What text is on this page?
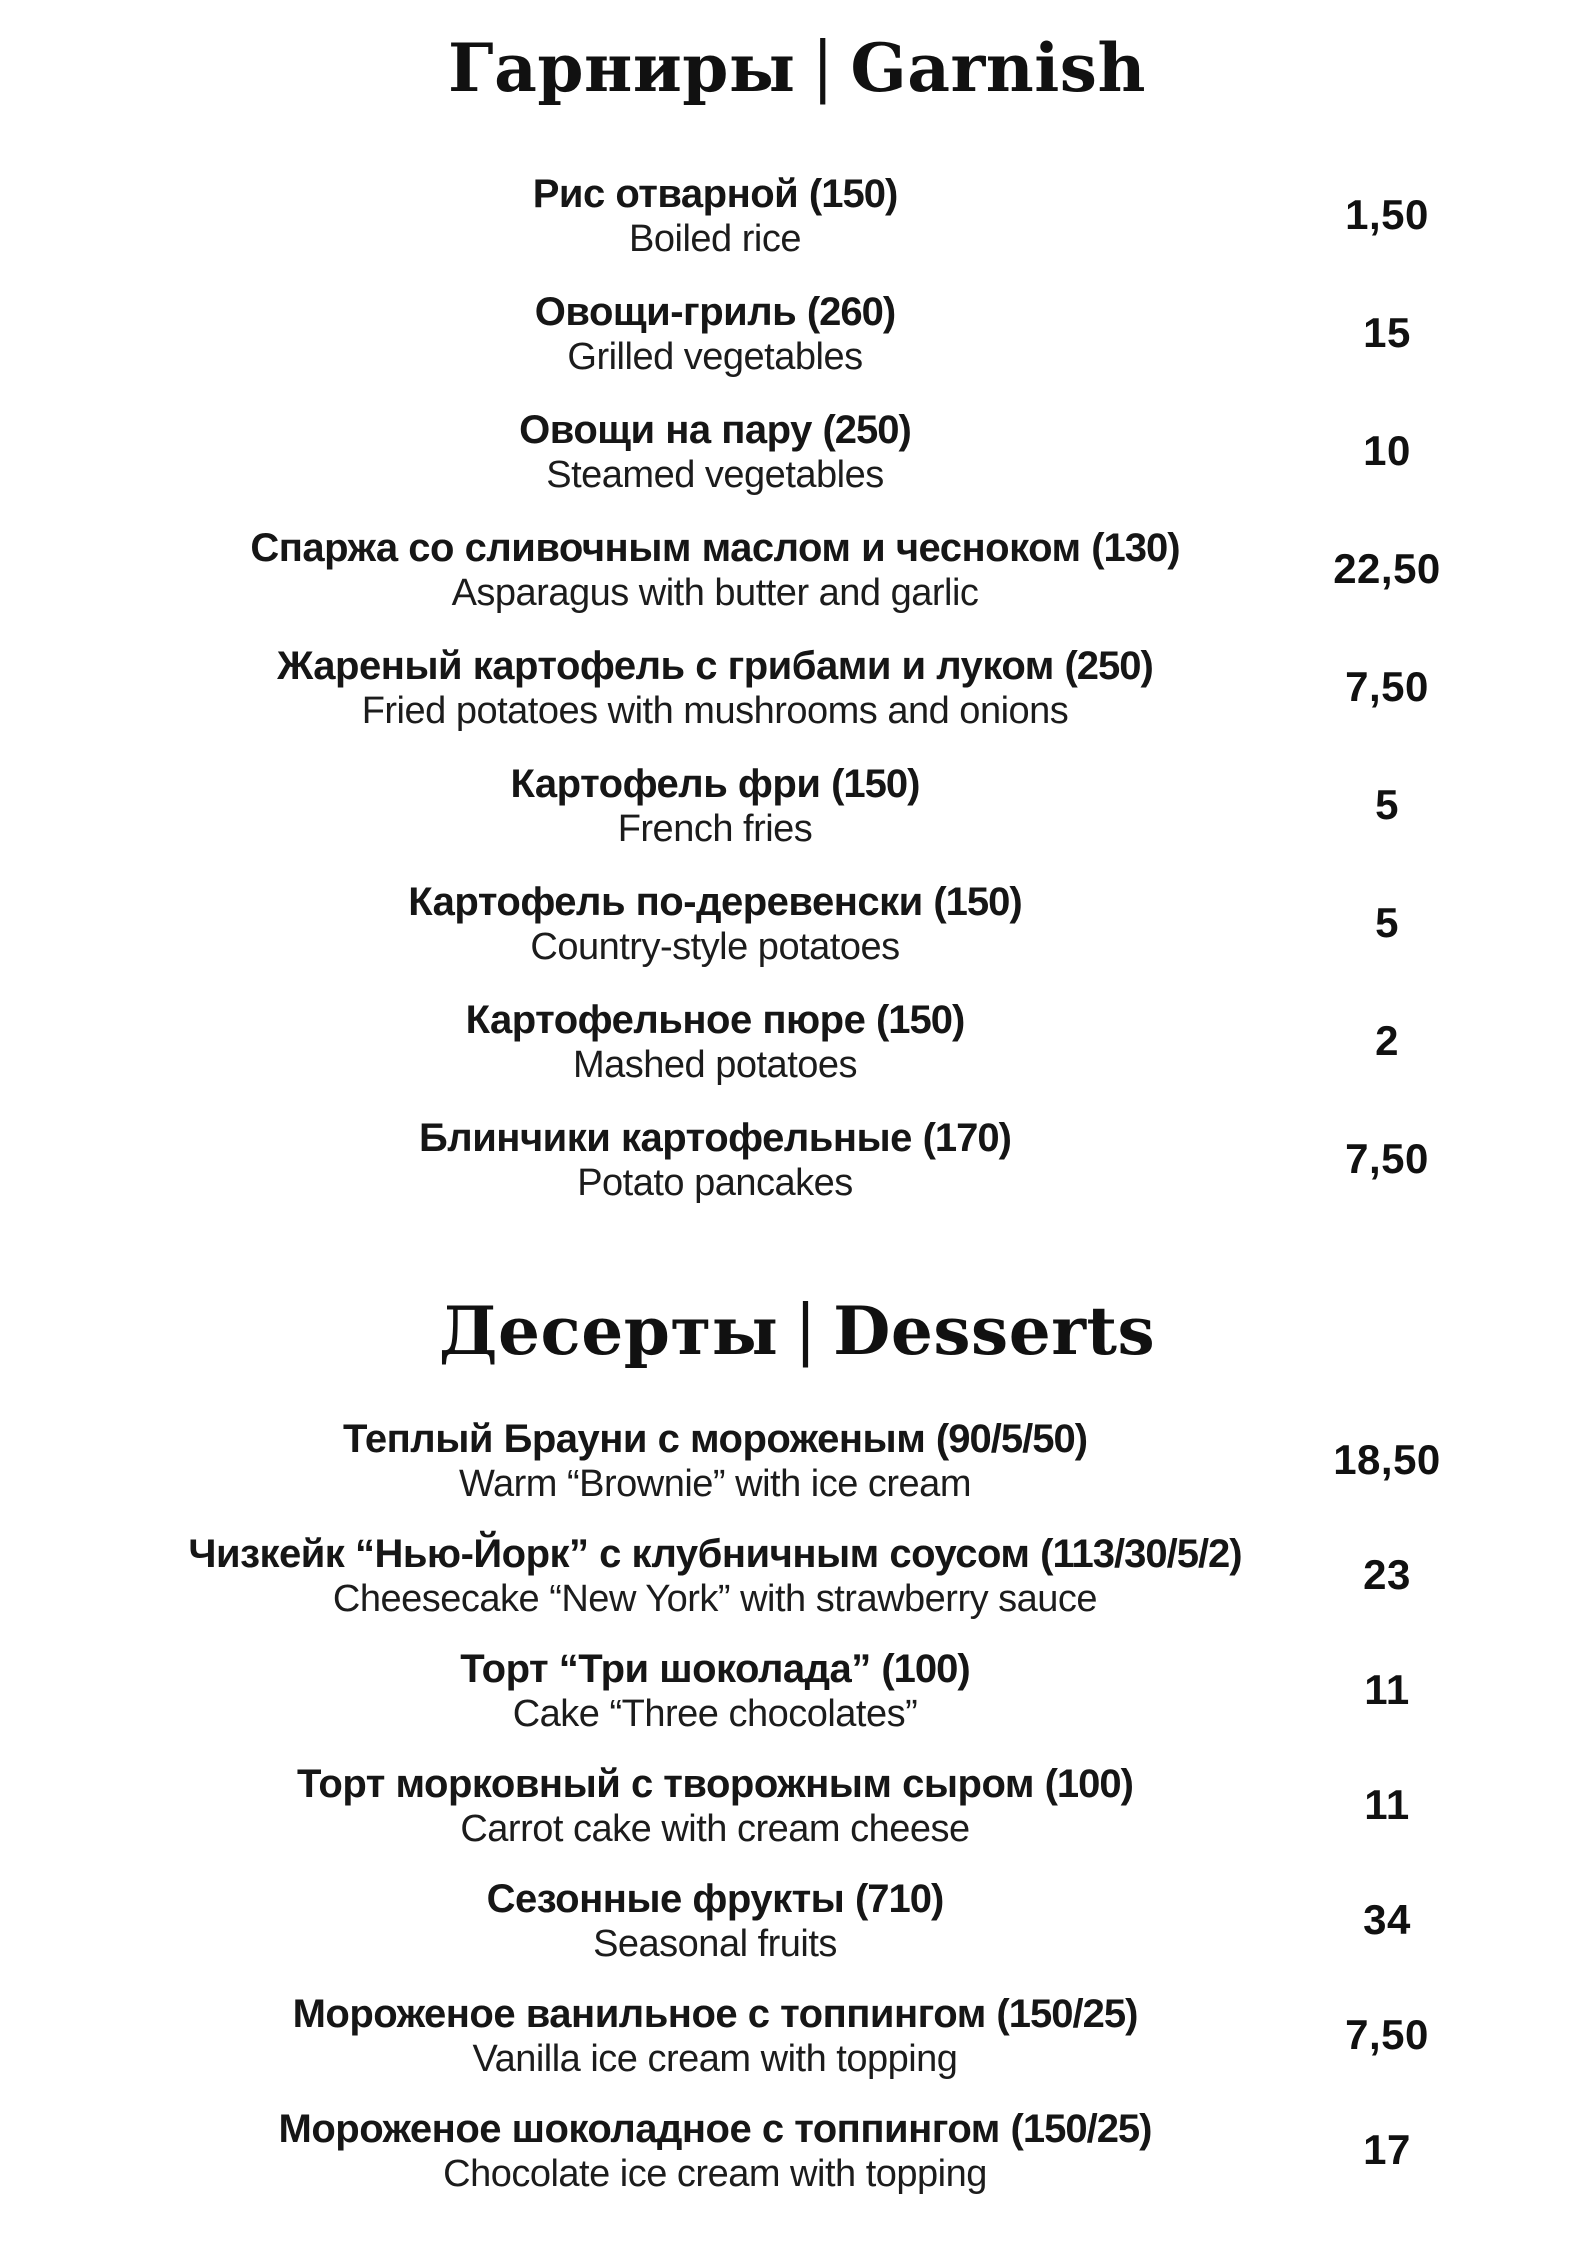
Гарниры | Garnish
Рис отварной (150)
Boiled rice
1,50
Овощи-гриль (260)
Grilled vegetables
15
Овощи на пару (250)
Steamed vegetables
10
Спаржа со сливочным маслом и чесноком (130)
Asparagus with butter and garlic
22,50
Жареный картофель с грибами и луком (250)
Fried potatoes with mushrooms and onions
7,50
Картофель фри (150)
French fries
5
Картофель по-деревенски (150)
Country-style potatoes
5
Картофельное пюре (150)
Mashed potatoes
2
Блинчики картофельные (170)
Potato pancakes
7,50
Десерты | Desserts
Теплый Брауни с мороженым (90/5/50)
Warm “Brownie” with ice cream
18,50
Чизкейк “Нью-Йорк” с клубничным соусом (113/30/5/2)
Cheesecake “New York” with strawberry sauce
23
Торт “Три шоколада” (100)
Cake “Three chocolates”
11
Торт морковный с творожным сыром (100)
Carrot cake with cream cheese
11
Сезонные фрукты (710)
Seasonal fruits
34
Мороженое ванильное с топпингом (150/25)
Vanilla ice cream with topping
7,50
Мороженое шоколадное с топпингом (150/25)
Chocolate ice cream with topping
17
